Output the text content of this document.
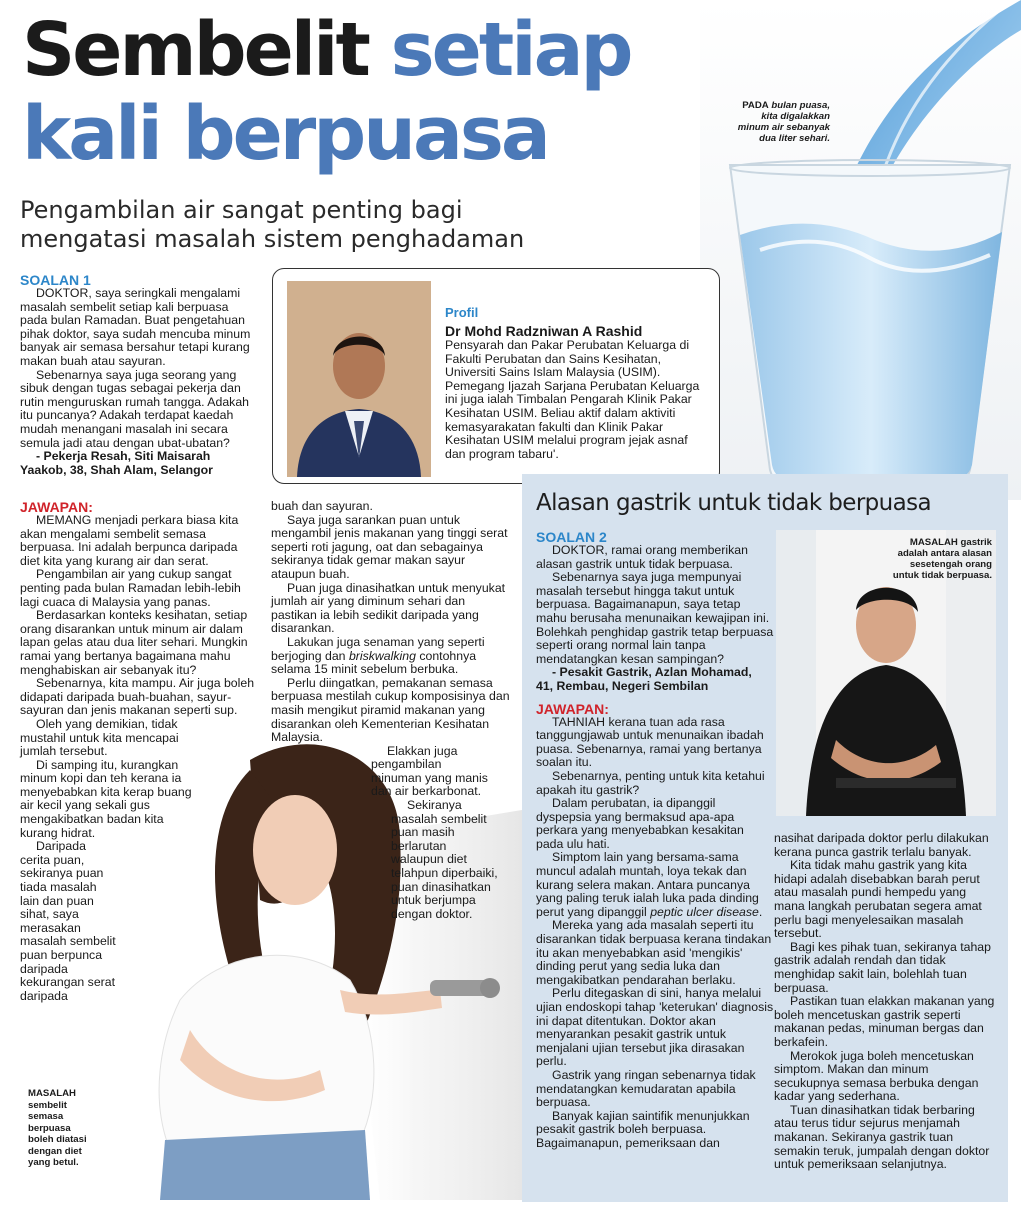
PADA bulan puasa, kita digalakkan minum air sebanyak dua liter sehari.
Sembelit setiap
kali berpuasa
Pengambilan air sangat penting bagi mengatasi masalah sistem penghadaman
SOALAN 1

DOKTOR, saya seringkali mengalami masalah sembelit setiap kali berpuasa pada bulan Ramadan. Buat pengetahuan pihak doktor, saya sudah mencuba minum banyak air semasa bersahur tetapi kurang makan buah atau sayuran.

Sebenarnya saya juga seorang yang sibuk dengan tugas sebagai pekerja dan rutin menguruskan rumah tangga. Adakah itu puncanya? Adakah terdapat kaedah mudah menangani masalah ini secara semula jadi atau dengan ubat-ubatan?

- Pekerja Resah, Siti Maisarah

Yaakob, 38, Shah Alam, Selangor

JAWAPAN:

MEMANG menjadi perkara biasa kita akan mengalami sembelit semasa berpuasa. Ini adalah berpunca daripada diet kita yang kurang air dan serat.

Pengambilan air yang cukup sangat penting pada bulan Ramadan lebih-lebih lagi cuaca di Malaysia yang panas.

Berdasarkan konteks kesihatan, setiap orang disarankan untuk minum air dalam lapan gelas atau dua liter sehari. Mungkin ramai yang bertanya bagaimana mahu menghabiskan air sebanyak itu?

Sebenarnya, kita mampu. Air juga boleh didapati daripada buah-buahan, sayur-sayuran dan jenis makanan seperti sup.

Oleh yang demikian, tidak mustahil untuk kita mencapai jumlah tersebut.

Di samping itu, kurangkan minum kopi dan teh kerana ia menyebabkan kita kerap buang air kecil yang sekali gus mengakibatkan badan kita kurang hidrat.

Daripada cerita puan, sekiranya puan tiada masalah lain dan puan sihat, saya merasakan masalah sembelit puan berpunca daripada kekurangan serat daripada

MASALAH sembelit semasa berpuasa boleh diatasi dengan diet yang betul.

buah dan sayuran.

Saya juga sarankan puan untuk mengambil jenis makanan yang tinggi serat seperti roti jagung, oat dan sebagainya sekiranya tidak gemar makan sayur ataupun buah.

Puan juga dinasihatkan untuk menyukat jumlah air yang diminum sehari dan pastikan ia lebih sedikit daripada yang disarankan.

Lakukan juga senaman yang seperti berjoging dan briskwalking contohnya selama 15 minit sebelum berbuka.

Perlu diingatkan, pemakanan semasa berpuasa mestilah cukup komposisinya dan masih mengikut piramid makanan yang disarankan oleh Kementerian Kesihatan Malaysia.

Elakkan juga pengambilan minuman yang manis dan air berkarbonat.

Sekiranya masalah sembelit puan masih berlarutan walaupun diet telahpun diperbaiki, puan dinasihatkan untuk berjumpa dengan doktor.

Profil
Dr Mohd Radzniwan A Rashid
Pensyarah dan Pakar Perubatan Keluarga di Fakulti Perubatan dan Sains Kesihatan, Universiti Sains Islam Malaysia (USIM). Pemegang Ijazah Sarjana Perubatan Keluarga ini juga ialah Timbalan Pengarah Klinik Pakar Kesihatan USIM. Beliau aktif dalam aktiviti kemasyarakatan fakulti dan Klinik Pakar Kesihatan USIM melalui program jejak asnaf dan program tabaru'.
Alasan gastrik untuk tidak berpuasa
MASALAH gastrik adalah antara alasan sesetengah orang untuk tidak berpuasa.
SOALAN 2

DOKTOR, ramai orang memberikan alasan gastrik untuk tidak berpuasa.

Sebenarnya saya juga mempunyai masalah tersebut hingga takut untuk berpuasa. Bagaimanapun, saya tetap mahu berusaha menunaikan kewajipan ini. Bolehkah penghidap gastrik tetap berpuasa seperti orang normal lain tanpa mendatangkan kesan sampingan?

- Pesakit Gastrik, Azlan Mohamad,

41, Rembau, Negeri Sembilan

JAWAPAN:

TAHNIAH kerana tuan ada rasa tanggungjawab untuk menunaikan ibadah puasa. Sebenarnya, ramai yang bertanya soalan itu.

Sebenarnya, penting untuk kita ketahui apakah itu gastrik?

Dalam perubatan, ia dipanggil dyspepsia yang bermaksud apa-apa perkara yang menyebabkan kesakitan pada ulu hati.

Simptom lain yang bersama-sama muncul adalah muntah, loya tekak dan kurang selera makan. Antara puncanya yang paling teruk ialah luka pada dinding perut yang dipanggil peptic ulcer disease.

Mereka yang ada masalah seperti itu disarankan tidak berpuasa kerana tindakan itu akan menyebabkan asid 'mengikis' dinding perut yang sedia luka dan mengakibatkan pendarahan berlaku.

Perlu ditegaskan di sini, hanya melalui ujian endoskopi tahap 'keterukan' diagnosis ini dapat ditentukan. Doktor akan menyarankan pesakit gastrik untuk menjalani ujian tersebut jika dirasakan perlu.

Gastrik yang ringan sebenarnya tidak mendatangkan kemudaratan apabila berpuasa.

Banyak kajian saintifik menunjukkan pesakit gastrik boleh berpuasa. Bagaimanapun, pemeriksaan dan

nasihat daripada doktor perlu dilakukan kerana punca gastrik terlalu banyak.

Kita tidak mahu gastrik yang kita hidapi adalah disebabkan barah perut atau masalah pundi hempedu yang mana langkah perubatan segera amat perlu bagi menyelesaikan masalah tersebut.

Bagi kes pihak tuan, sekiranya tahap gastrik adalah rendah dan tidak menghidap sakit lain, bolehlah tuan berpuasa.

Pastikan tuan elakkan makanan yang boleh mencetuskan gastrik seperti makanan pedas, minuman bergas dan berkafein.

Merokok juga boleh mencetuskan simptom. Makan dan minum secukupnya semasa berbuka dengan kadar yang sederhana.

Tuan dinasihatkan tidak berbaring atau terus tidur sejurus menjamah makanan. Sekiranya gastrik tuan semakin teruk, jumpalah dengan doktor untuk pemeriksaan selanjutnya.
